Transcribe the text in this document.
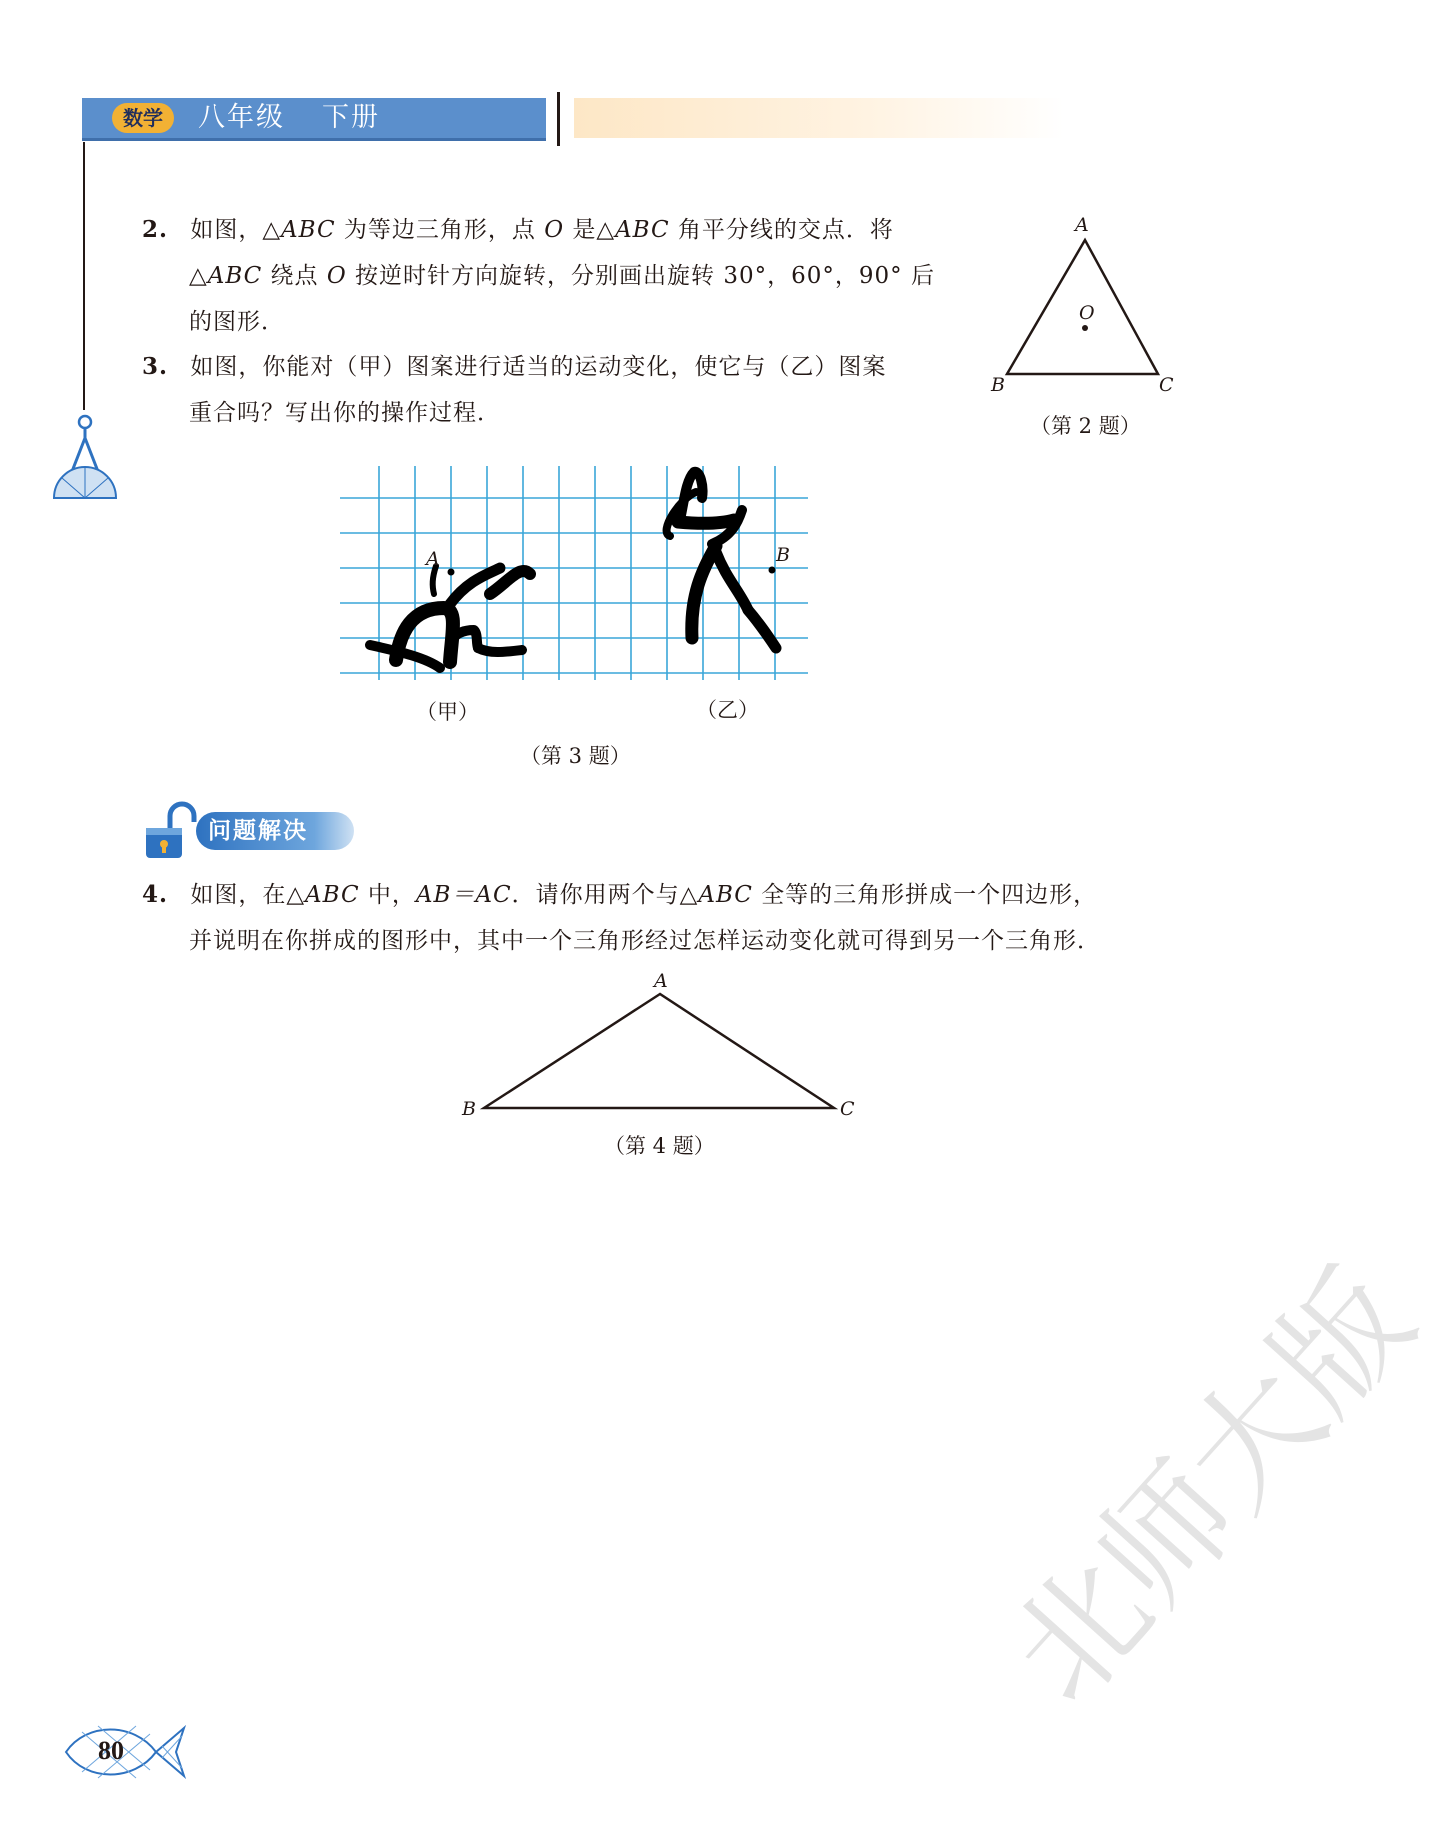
数学	八年级 下册
2. 如图，△ABC 为等边三角形，点 O 是△ABC 角平分线的交点．将
△ABC 绕点 O 按逆时针方向旋转，分别画出旋转 30°，60°，90° 后
的图形．
A
B	C
O
（第 2 题）
3. 如图，你能对（甲）图案进行适当的运动变化，使它与（乙）图案
重合吗？写出你的操作过程．
A	B
（甲）	（乙）
（第 3 题）
问题解决
4. 如图，在△ABC 中，AB＝AC．请你用两个与△ABC 全等的三角形拼成一个四边形，
并说明在你拼成的图形中，其中一个三角形经过怎样运动变化就可得到另一个三角形．
A
B	C
（第 4 题）
北师大版
80
